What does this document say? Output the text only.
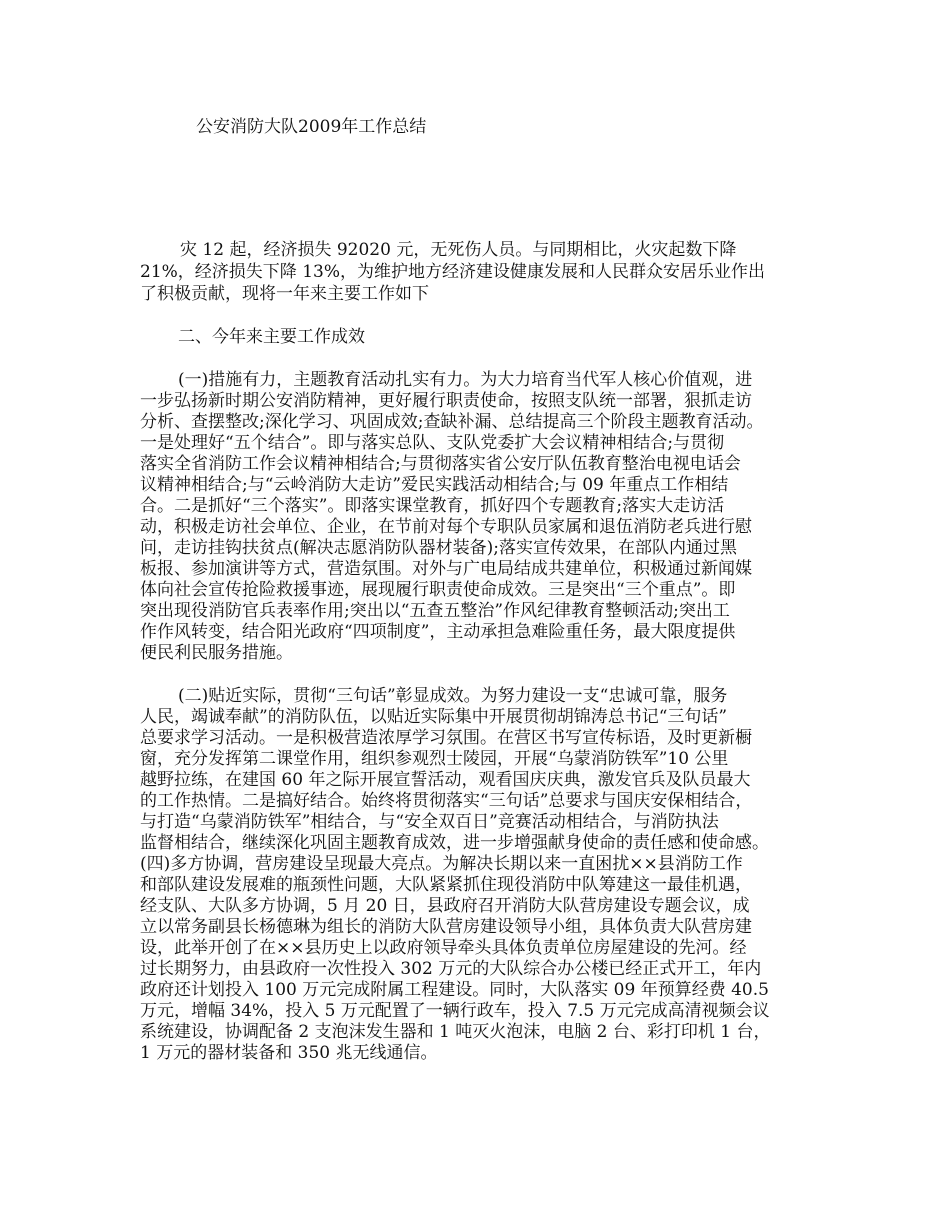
公安消防大队2009年工作总结
灾 12 起，经济损失 92020 元，无死伤人员。与同期相比，火灾起数下降
21%，经济损失下降 13%，为维护地方经济建设健康发展和人民群众安居乐业作出
了积极贡献，现将一年来主要工作如下
二、今年来主要工作成效
(一)措施有力，主题教育活动扎实有力。为大力培育当代军人核心价值观，进
一步弘扬新时期公安消防精神，更好履行职责使命，按照支队统一部署，狠抓走访
分析、查摆整改;深化学习、巩固成效;查缺补漏、总结提高三个阶段主题教育活动。
一是处理好“五个结合”。即与落实总队、支队党委扩大会议精神相结合;与贯彻
落实全省消防工作会议精神相结合;与贯彻落实省公安厅队伍教育整治电视电话会
议精神相结合;与“云岭消防大走访”爱民实践活动相结合;与 09 年重点工作相结
合。二是抓好“三个落实”。即落实课堂教育，抓好四个专题教育;落实大走访活
动，积极走访社会单位、企业，在节前对每个专职队员家属和退伍消防老兵进行慰
问，走访挂钩扶贫点(解决志愿消防队器材装备);落实宣传效果，在部队内通过黑
板报、参加演讲等方式，营造氛围。对外与广电局结成共建单位，积极通过新闻媒
体向社会宣传抢险救援事迹，展现履行职责使命成效。三是突出“三个重点”。即
突出现役消防官兵表率作用;突出以“五查五整治”作风纪律教育整顿活动;突出工
作作风转变，结合阳光政府“四项制度”，主动承担急难险重任务，最大限度提供
便民利民服务措施。
(二)贴近实际，贯彻“三句话”彰显成效。为努力建设一支“忠诚可靠，服务
人民，竭诚奉献”的消防队伍，以贴近实际集中开展贯彻胡锦涛总书记“三句话”
总要求学习活动。一是积极营造浓厚学习氛围。在营区书写宣传标语，及时更新橱
窗，充分发挥第二课堂作用，组织参观烈士陵园，开展“乌蒙消防铁军”10 公里
越野拉练，在建国 60 年之际开展宣誓活动，观看国庆庆典，激发官兵及队员最大
的工作热情。二是搞好结合。始终将贯彻落实“三句话”总要求与国庆安保相结合，
与打造“乌蒙消防铁军”相结合，与“安全双百日”竞赛活动相结合，与消防执法
监督相结合，继续深化巩固主题教育成效，进一步增强献身使命的责任感和使命感。
(四)多方协调，营房建设呈现最大亮点。为解决长期以来一直困扰××县消防工作
和部队建设发展难的瓶颈性问题，大队紧紧抓住现役消防中队筹建这一最佳机遇，
经支队、大队多方协调，5 月 20 日，县政府召开消防大队营房建设专题会议，成
立以常务副县长杨德琳为组长的消防大队营房建设领导小组，具体负责大队营房建
设，此举开创了在××县历史上以政府领导牵头具体负责单位房屋建设的先河。经
过长期努力，由县政府一次性投入 302 万元的大队综合办公楼已经正式开工，年内
政府还计划投入 100 万元完成附属工程建设。同时，大队落实 09 年预算经费 40.5
万元，增幅 34%，投入 5 万元配置了一辆行政车，投入 7.5 万元完成高清视频会议
系统建设，协调配备 2 支泡沫发生器和 1 吨灭火泡沫，电脑 2 台、彩打印机 1 台，
1 万元的器材装备和 350 兆无线通信。
